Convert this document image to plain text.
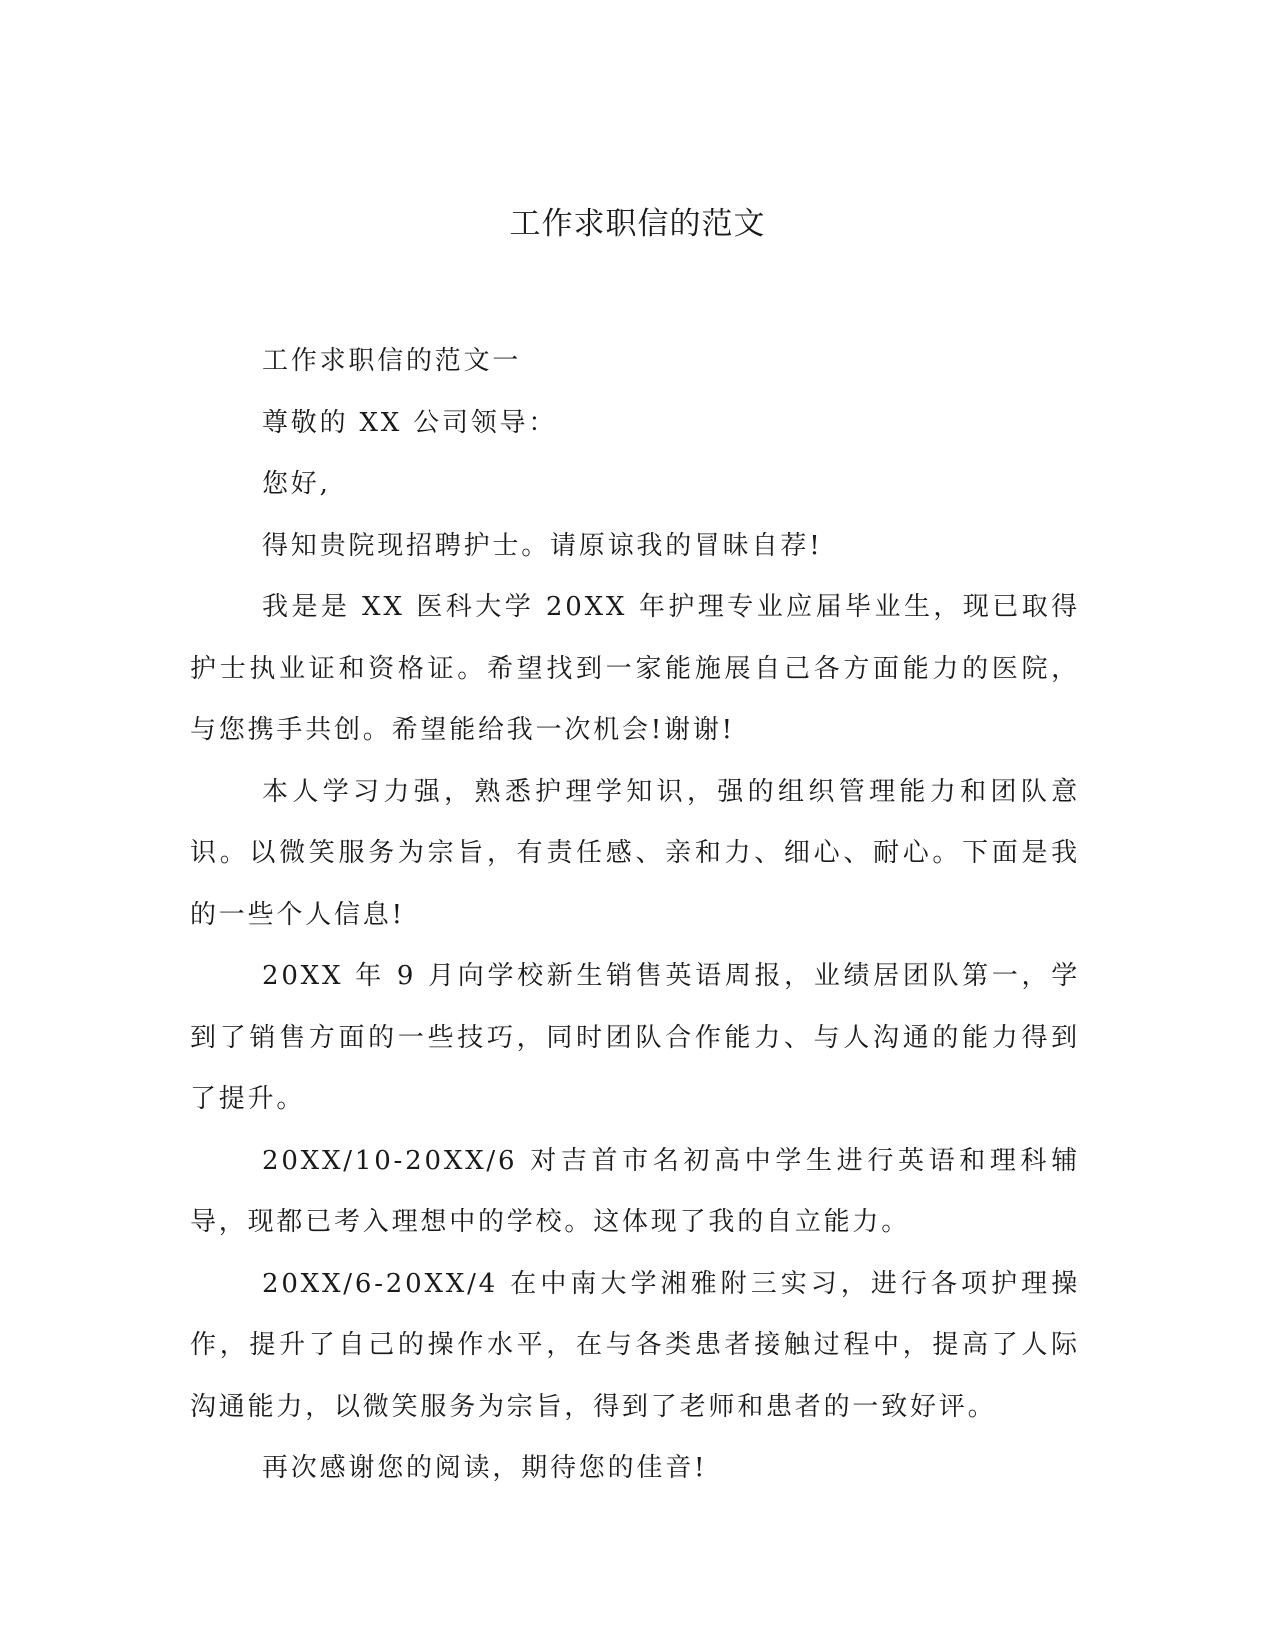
工作求职信的范文

工作求职信的范文一

尊敬的 XX 公司领导：

您好,

得知贵院现招聘护士。请原谅我的冒昧自荐!

我是是 XX 医科大学 20XX 年护理专业应届毕业生，现已取得护士执业证和资格证。希望找到一家能施展自己各方面能力的医院，与您携手共创。希望能给我一次机会!谢谢!

本人学习力强，熟悉护理学知识，强的组织管理能力和团队意识。以微笑服务为宗旨，有责任感、亲和力、细心、耐心。下面是我的一些个人信息!

20XX 年 9 月向学校新生销售英语周报，业绩居团队第一，学到了销售方面的一些技巧，同时团队合作能力、与人沟通的能力得到了提升。

20XX/10-20XX/6 对吉首市名初高中学生进行英语和理科辅导，现都已考入理想中的学校。这体现了我的自立能力。

20XX/6-20XX/4 在中南大学湘雅附三实习，进行各项护理操作，提升了自己的操作水平，在与各类患者接触过程中，提高了人际沟通能力，以微笑服务为宗旨，得到了老师和患者的一致好评。

再次感谢您的阅读，期待您的佳音!
